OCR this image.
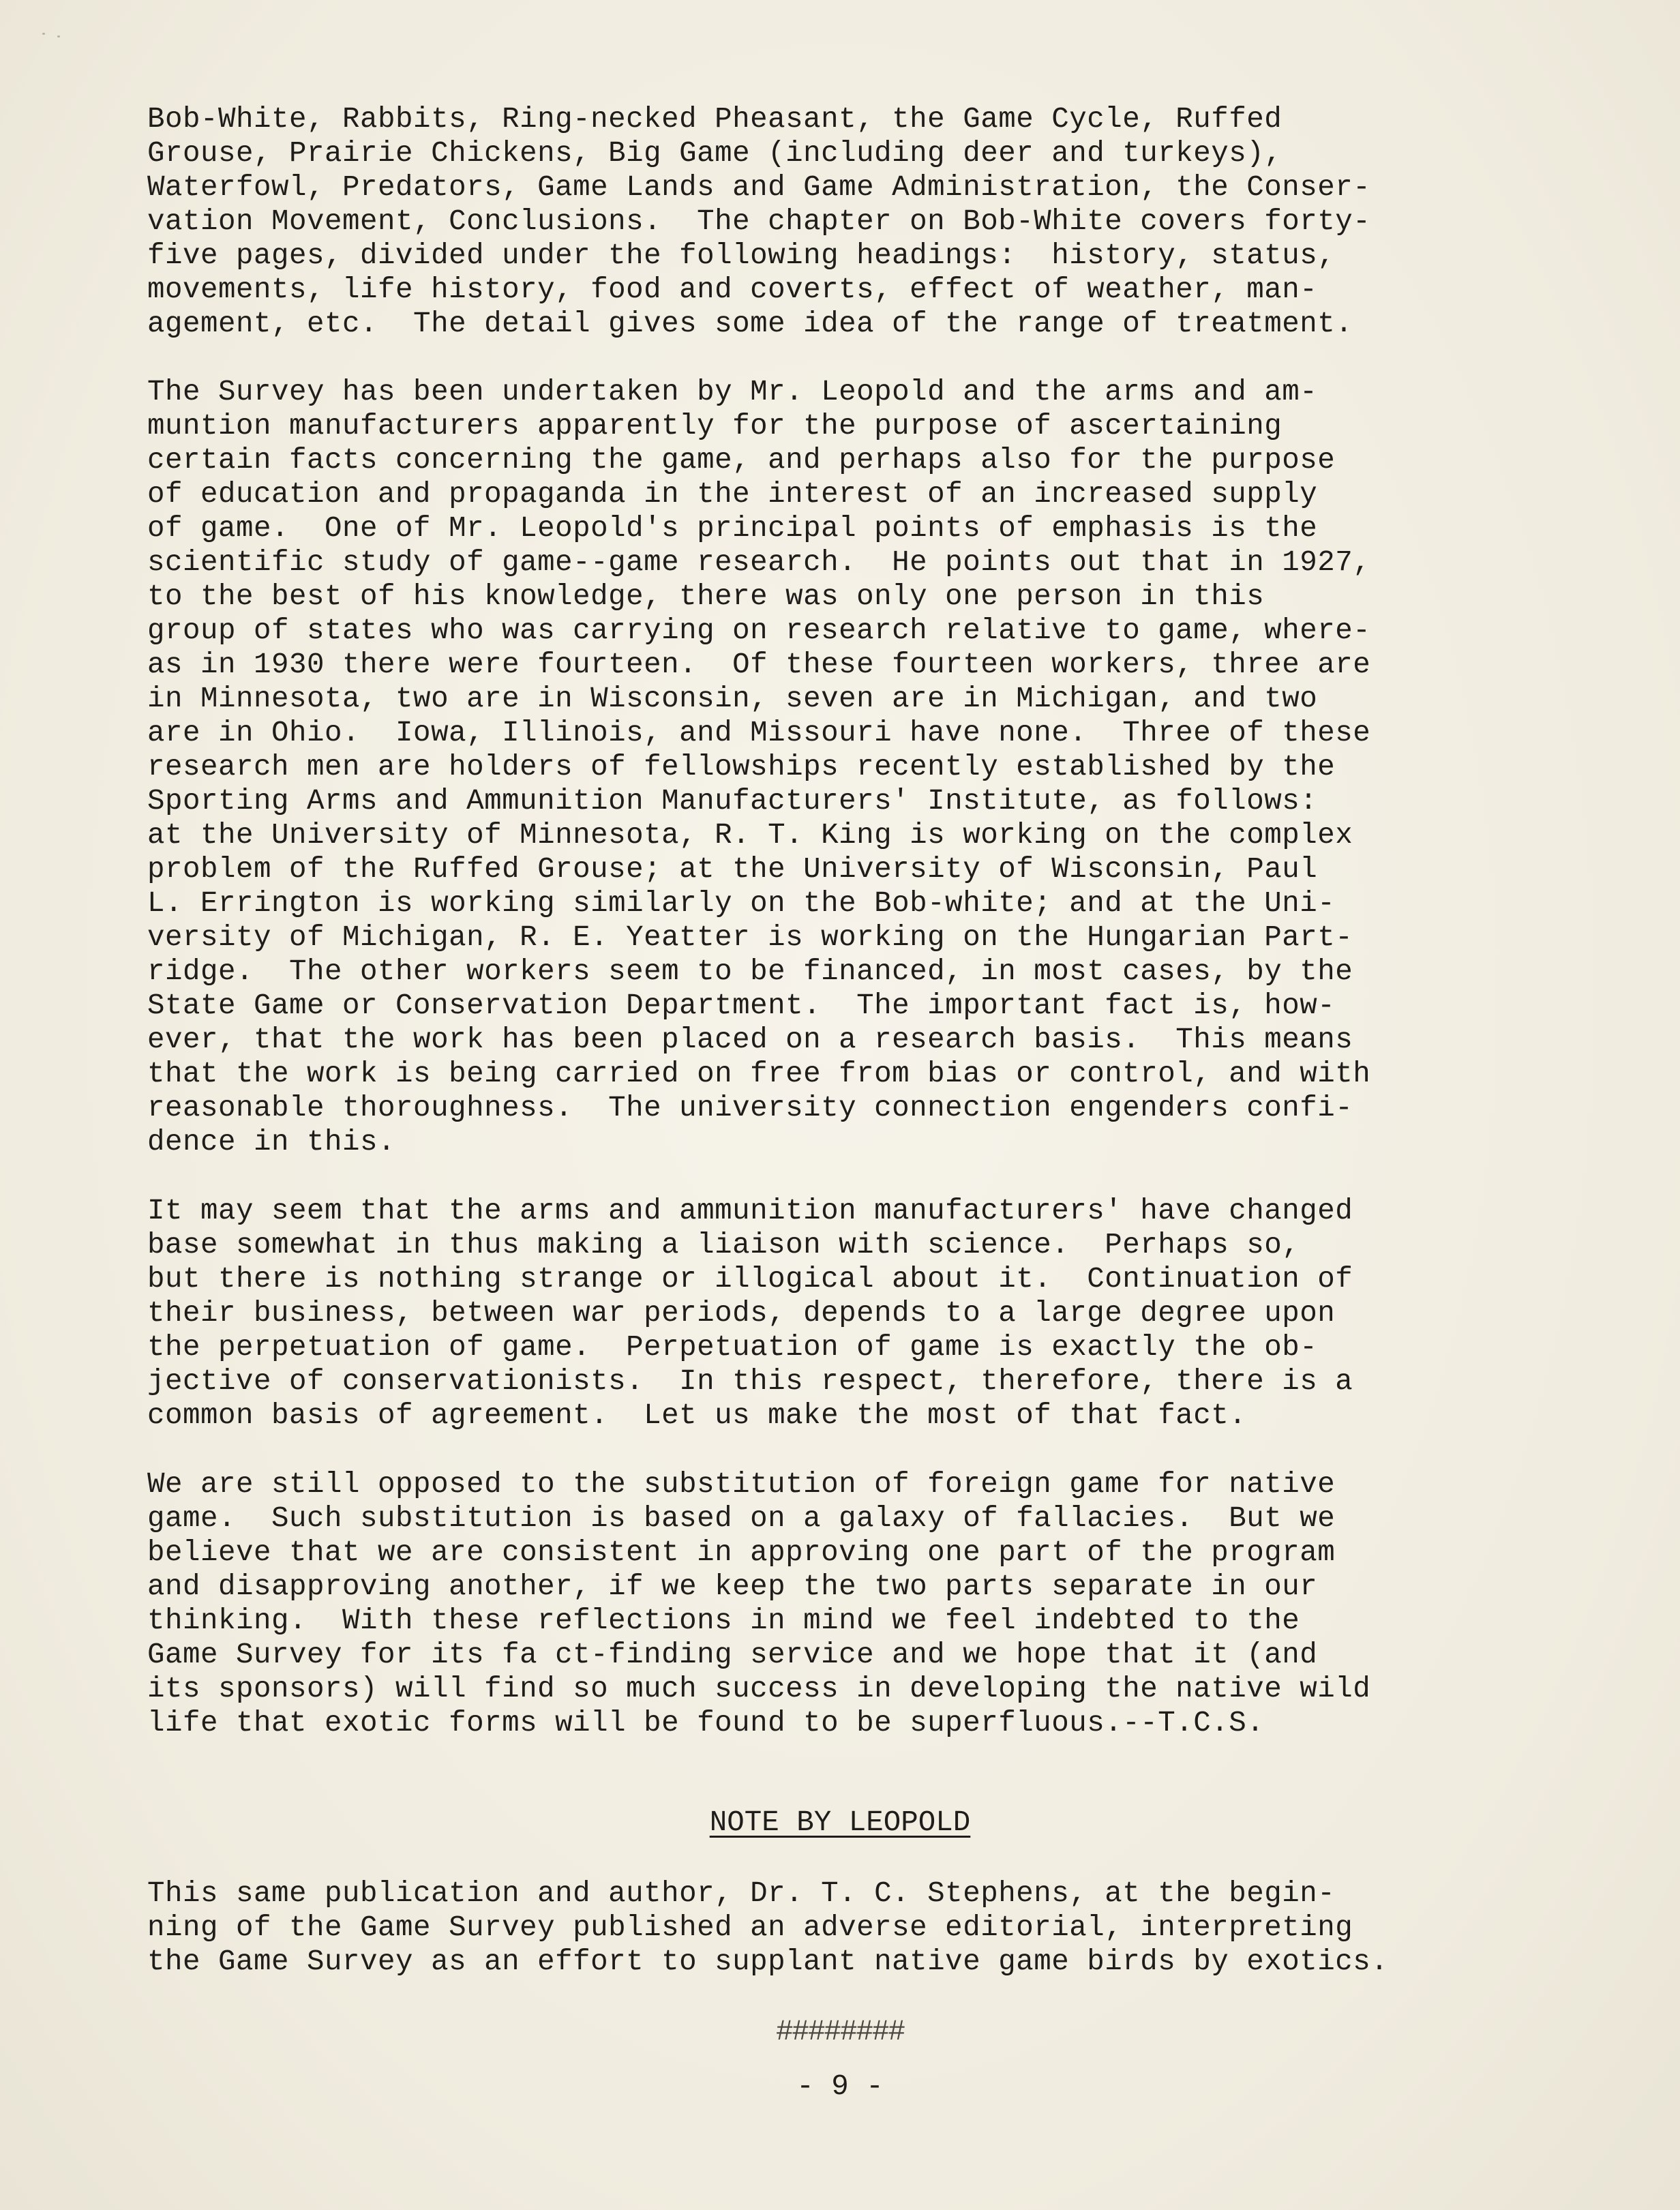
Bob-White, Rabbits, Ring-necked Pheasant, the Game Cycle, Ruffed
Grouse, Prairie Chickens, Big Game (including deer and turkeys),
Waterfowl, Predators, Game Lands and Game Administration, the Conser-
vation Movement, Conclusions.  The chapter on Bob-White covers forty-
five pages, divided under the following headings:  history, status,
movements, life history, food and coverts, effect of weather, man-
agement, etc.  The detail gives some idea of the range of treatment.
The Survey has been undertaken by Mr. Leopold and the arms and am-
muntion manufacturers apparently for the purpose of ascertaining
certain facts concerning the game, and perhaps also for the purpose
of education and propaganda in the interest of an increased supply
of game.  One of Mr. Leopold's principal points of emphasis is the
scientific study of game--game research.  He points out that in 1927,
to the best of his knowledge, there was only one person in this
group of states who was carrying on research relative to game, where-
as in 1930 there were fourteen.  Of these fourteen workers, three are
in Minnesota, two are in Wisconsin, seven are in Michigan, and two
are in Ohio.  Iowa, Illinois, and Missouri have none.  Three of these
research men are holders of fellowships recently established by the
Sporting Arms and Ammunition Manufacturers' Institute, as follows:
at the University of Minnesota, R. T. King is working on the complex
problem of the Ruffed Grouse; at the University of Wisconsin, Paul
L. Errington is working similarly on the Bob-white; and at the Uni-
versity of Michigan, R. E. Yeatter is working on the Hungarian Part-
ridge.  The other workers seem to be financed, in most cases, by the
State Game or Conservation Department.  The important fact is, how-
ever, that the work has been placed on a research basis.  This means
that the work is being carried on free from bias or control, and with
reasonable thoroughness.  The university connection engenders confi-
dence in this.
It may seem that the arms and ammunition manufacturers' have changed
base somewhat in thus making a liaison with science.  Perhaps so,
but there is nothing strange or illogical about it.  Continuation of
their business, between war periods, depends to a large degree upon
the perpetuation of game.  Perpetuation of game is exactly the ob-
jective of conservationists.  In this respect, therefore, there is a
common basis of agreement.  Let us make the most of that fact.
We are still opposed to the substitution of foreign game for native
game.  Such substitution is based on a galaxy of fallacies.  But we
believe that we are consistent in approving one part of the program
and disapproving another, if we keep the two parts separate in our
thinking.  With these reflections in mind we feel indebted to the
Game Survey for its fa ct-finding service and we hope that it (and
its sponsors) will find so much success in developing the native wild
life that exotic forms will be found to be superfluous.--T.C.S.
NOTE BY LEOPOLD
This same publication and author, Dr. T. C. Stephens, at the begin-
ning of the Game Survey published an adverse editorial, interpreting
the Game Survey as an effort to supplant native game birds by exotics.
########
- 9 -
